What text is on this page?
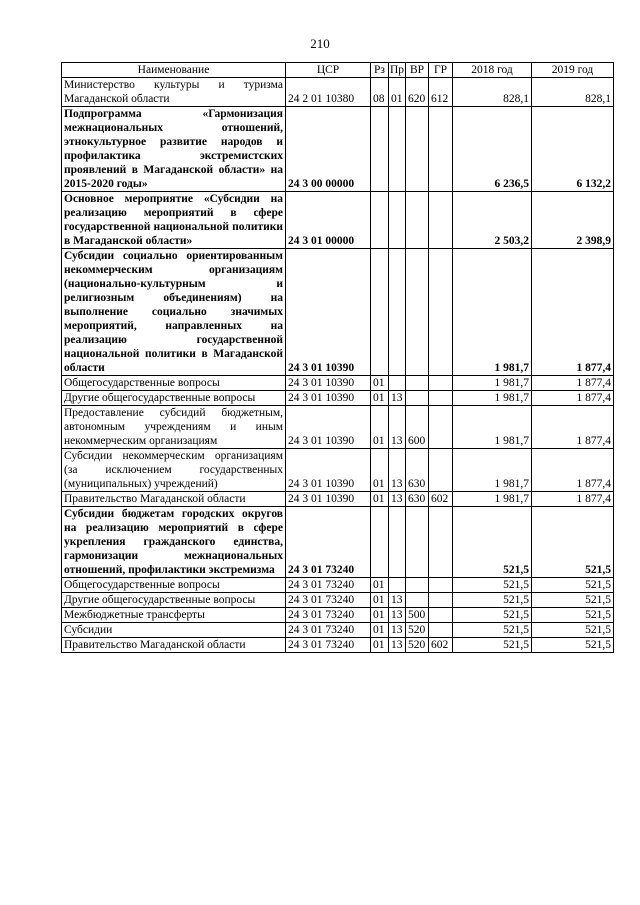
210
Наименование	ЦСР	Рз	Пр	ВР	ГР	2018 год	2019 год
Министерство культуры и туризма Магаданской области	24 2 01 10380	08	01	620	612	828,1	828,1
Подпрограмма «Гармонизация межнациональных отношений, этнокультурное развитие народов и профилактика экстремистских проявлений в Магаданской области» на 2015-2020 годы»	24 3 00 00000					6 236,5	6 132,2
Основное мероприятие «Субсидии на реализацию мероприятий в сфере государственной национальной политики в Магаданской области»	24 3 01 00000					2 503,2	2 398,9
Субсидии социально ориентированным некоммерческим организациям (национально-культурным и религиозным объединениям) на выполнение социально значимых мероприятий, направленных на реализацию государственной национальной политики в Магаданской области	24 3 01 10390					1 981,7	1 877,4
Общегосударственные вопросы	24 3 01 10390	01				1 981,7	1 877,4
Другие общегосударственные вопросы	24 3 01 10390	01	13			1 981,7	1 877,4
Предоставление субсидий бюджетным, автономным учреждениям и иным некоммерческим организациям	24 3 01 10390	01	13	600		1 981,7	1 877,4
Субсидии некоммерческим организациям (за исключением государственных (муниципальных) учреждений)	24 3 01 10390	01	13	630		1 981,7	1 877,4
Правительство Магаданской области	24 3 01 10390	01	13	630	602	1 981,7	1 877,4
Субсидии бюджетам городских округов на реализацию мероприятий в сфере укрепления гражданского единства, гармонизации межнациональных отношений, профилактики экстремизма	24 3 01 73240					521,5	521,5
Общегосударственные вопросы	24 3 01 73240	01				521,5	521,5
Другие общегосударственные вопросы	24 3 01 73240	01	13			521,5	521,5
Межбюджетные трансферты	24 3 01 73240	01	13	500		521,5	521,5
Субсидии	24 3 01 73240	01	13	520		521,5	521,5
Правительство Магаданской области	24 3 01 73240	01	13	520	602	521,5	521,5
